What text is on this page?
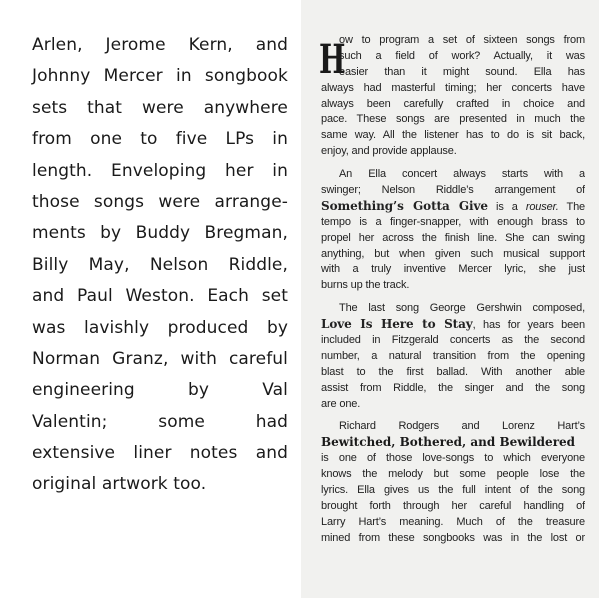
Arlen, Jerome Kern, and
Johnny Mercer in songbook
sets that were anywhere
from one to five LPs in
length. Enveloping her in
those songs were arrange-
ments by Buddy Bregman,
Billy May, Nelson Riddle,
and Paul Weston. Each set
was lavishly produced by
Norman Granz, with careful
engineering by Val
Valentin; some had
extensive liner notes and
original artwork too.
H
ow to program a set of sixteen songs from
such a field of work? Actually, it was
easier than it might sound. Ella has
always had masterful timing; her concerts have
always been carefully crafted in choice and
pace. These songs are presented in much the
same way. All the listener has to do is sit back,
enjoy, and provide applause.
An Ella concert always starts with a
swinger; Nelson Riddle’s arrangement of
Something’s Gotta Give is a rouser. The
tempo is a finger-snapper, with enough brass to
propel her across the finish line. She can swing
anything, but when given such musical support
with a truly inventive Mercer lyric, she just
burns up the track.
The last song George Gershwin composed,
Love Is Here to Stay, has for years been
included in Fitzgerald concerts as the second
number, a natural transition from the opening
blast to the first ballad. With another able
assist from Riddle, the singer and the song
are one.
Richard Rodgers and Lorenz Hart’s
Bewitched, Bothered, and Bewildered
is one of those love-songs to which everyone
knows the melody but some people lose the
lyrics. Ella gives us the full intent of the song
brought forth through her careful handling of
Larry Hart’s meaning. Much of the treasure
mined from these songbooks was in the lost or
